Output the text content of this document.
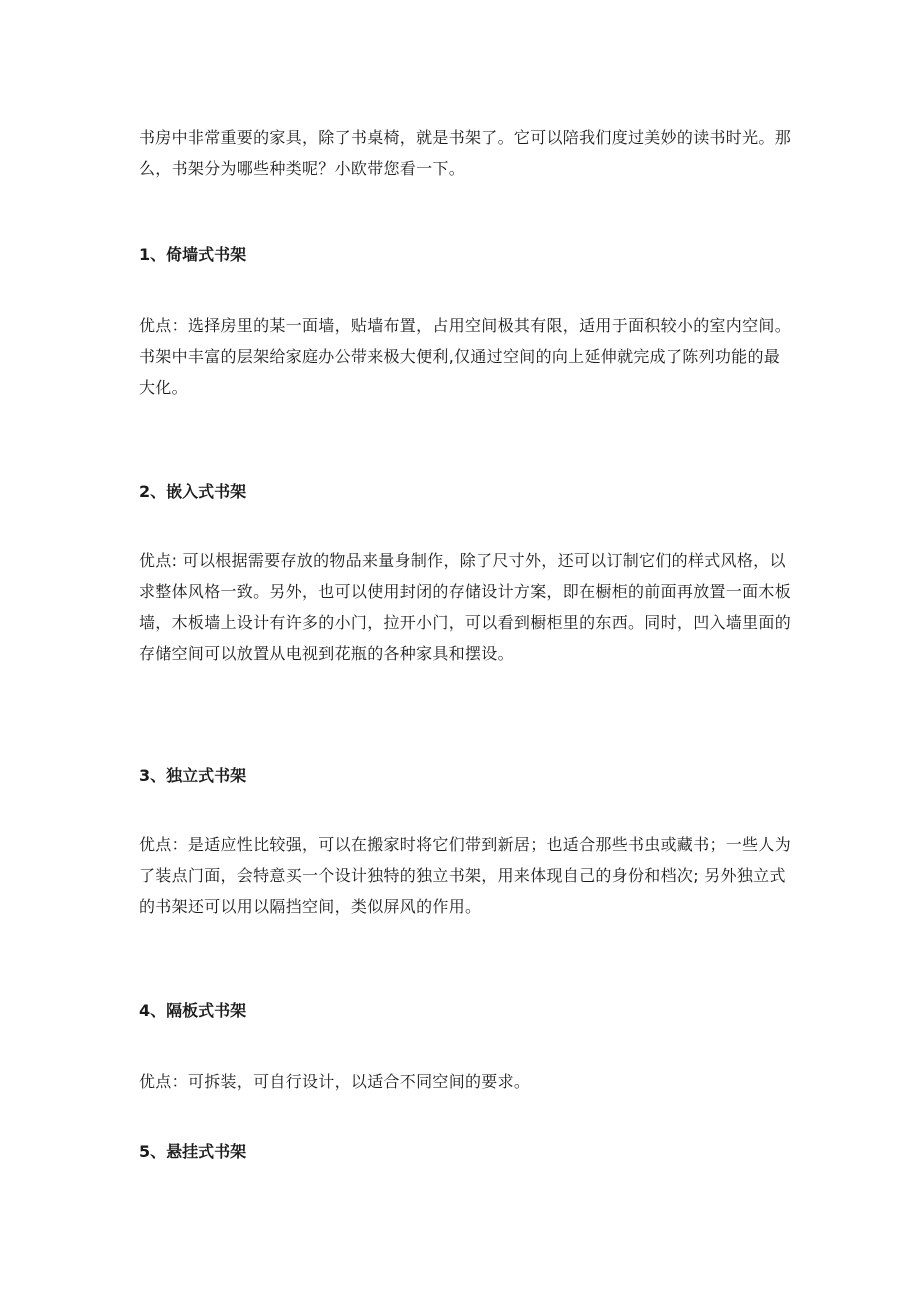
书房中非常重要的家具，除了书桌椅，就是书架了。它可以陪我们度过美妙的读书时光。那
么，书架分为哪些种类呢？小欧带您看一下。
1、倚墙式书架
优点：选择房里的某一面墙，贴墙布置，占用空间极其有限，适用于面积较小的室内空间。
书架中丰富的层架给家庭办公带来极大便利,仅通过空间的向上延伸就完成了陈列功能的最
大化。
2、嵌入式书架
优点: 可以根据需要存放的物品来量身制作，除了尺寸外，还可以订制它们的样式风格，以
求整体风格一致。另外，也可以使用封闭的存储设计方案，即在橱柜的前面再放置一面木板
墙，木板墙上设计有许多的小门，拉开小门，可以看到橱柜里的东西。同时，凹入墙里面的
存储空间可以放置从电视到花瓶的各种家具和摆设。
3、独立式书架
优点：是适应性比较强，可以在搬家时将它们带到新居；也适合那些书虫或藏书；一些人为
了装点门面，会特意买一个设计独特的独立书架，用来体现自己的身份和档次; 另外独立式
的书架还可以用以隔挡空间，类似屏风的作用。
4、隔板式书架
优点：可拆装，可自行设计，以适合不同空间的要求。
5、悬挂式书架
